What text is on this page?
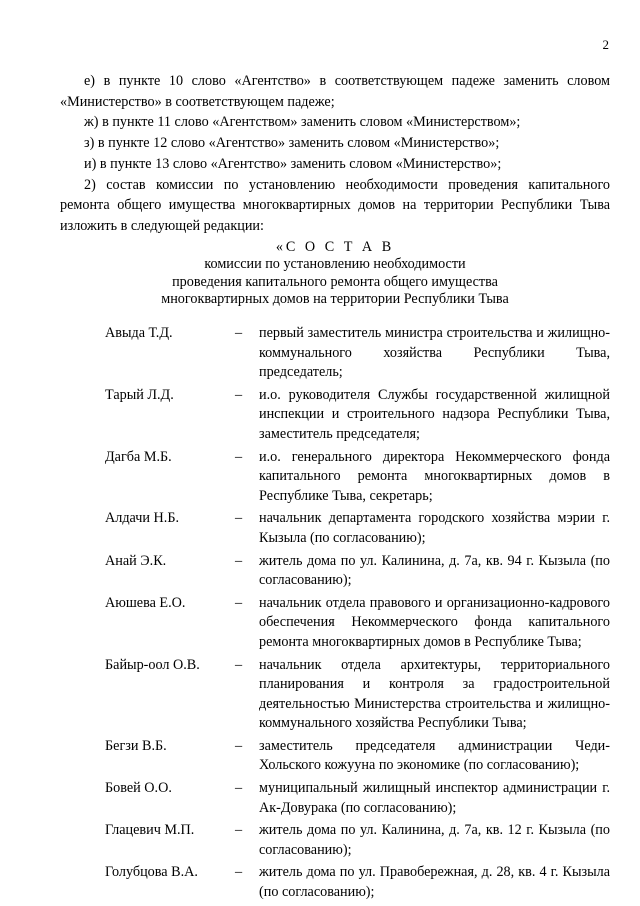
2

е) в пункте 10 слово «Агентство» в соответствующем падеже заменить словом «Министерство» в соответствующем падеже;

ж) в пункте 11 слово «Агентством» заменить словом «Министерством»;

з) в пункте 12 слово «Агентство» заменить словом «Министерство»;

и) в пункте 13 слово «Агентство» заменить словом «Министерство»;

2) состав комиссии по установлению необходимости проведения капитального ремонта общего имущества многоквартирных домов на территории Республики Тыва изложить в следующей редакции:

«С О С Т А В
комиссии по установлению необходимости
проведения капитального ремонта общего имущества
многоквартирных домов на территории Республики Тыва
Авыда Т.Д.	–	первый заместитель министра строительства и жилищно-коммунального хозяйства Республики Тыва, председатель;
Тарый Л.Д.	–	и.о. руководителя Службы государственной жилищной инспекции и строительного надзора Республики Тыва, заместитель председателя;
Дагба М.Б.	–	и.о. генерального директора Некоммерческого фонда капитального ремонта многоквартирных домов в Республике Тыва, секретарь;
Алдачи Н.Б.	–	начальник департамента городского хозяйства мэрии г. Кызыла (по согласованию);
Анай Э.К.	–	житель дома по ул. Калинина, д. 7а, кв. 94 г. Кызыла (по согласованию);
Аюшева Е.О.	–	начальник отдела правового и организационно-кадрового обеспечения Некоммерческого фонда капитального ремонта многоквартирных домов в Республике Тыва;
Байыр-оол О.В.	–	начальник отдела архитектуры, территориального планирования и контроля за градостроительной деятельностью Министерства строительства и жилищно-коммунального хозяйства Республики Тыва;
Бегзи В.Б.	–	заместитель председателя администрации Чеди-Хольского кожууна по экономике (по согласованию);
Бовей О.О.	–	муниципальный жилищный инспектор администрации г. Ак-Довурака (по согласованию);
Глацевич М.П.	–	житель дома по ул. Калинина, д. 7а, кв. 12 г. Кызыла (по согласованию);
Голубцова В.А.	–	житель дома по ул. Правобережная, д. 28, кв. 4 г. Кызыла (по согласованию);
